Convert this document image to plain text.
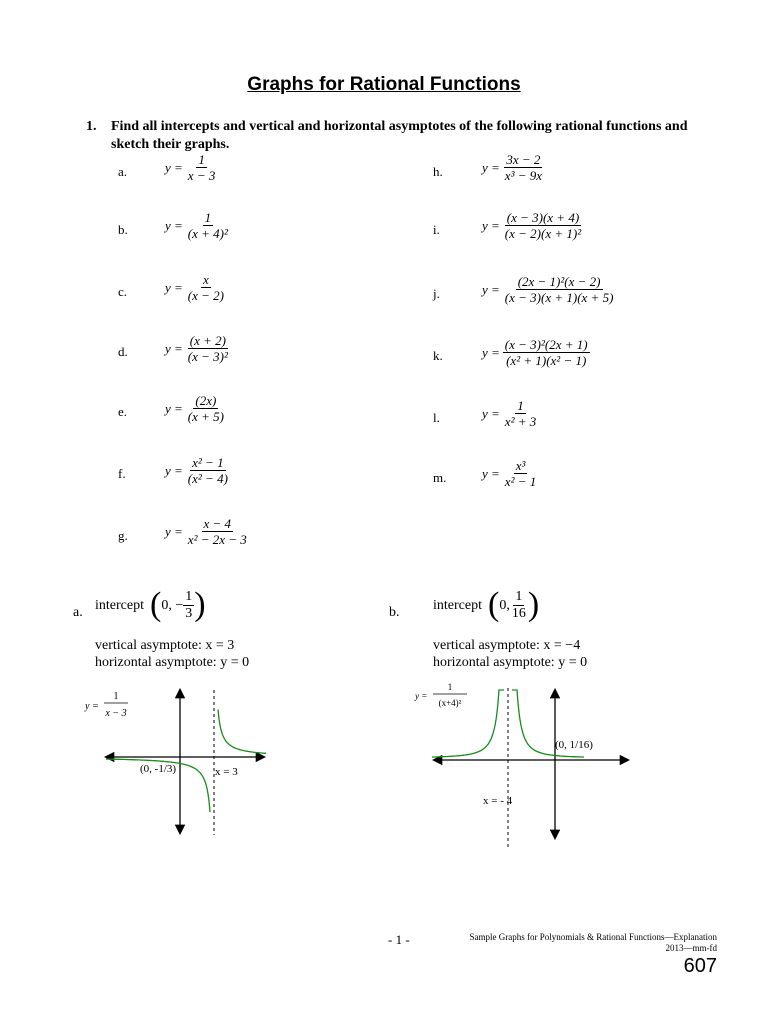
Graphs for Rational Functions
1.	Find all intercepts and vertical and horizontal asymptotes of the following rational functions and sketch their graphs.
a.	$y = \frac{1}{x - 3}$
b.	$y = \frac{1}{\text{(x + 4)²}}$
c.	$y = \frac{x}{(x - 2)}$
d.	$y = \frac{(x + 2)}{\text{(x − 3)²}}$
e.	$y = \frac{(2x)}{(x + 5)}$
f.	$y = \frac{\text{x² − 1}}{\text{(x² − 4)}}$
g.	$y = \frac{x - 4}{\text{x² − 2x − 3}}$
h.	$y = \frac{3x - 2}{\text{x³ − 9x}}$
i.	$y = \frac{(x - 3)(x + 4)}{\text{(x − 2)(x + 1)²}}$
j.	$y = \frac{\text{(2x − 1)²(x − 2)}}{(x - 3)(x + 1)(x + 5)}$
k.	$y = \frac{\text{(x − 3)²(2x + 1)}}{\text{(x² + 1)(x² − 1)}}$
l.	$y = \frac{1}{\text{x² + 3}}$
m.	$y = \frac{\text{x³}}{\text{x² − 1}}$
a. intercept ( 0, − $\frac{1}{3}$ )
vertical asymptote: x = 3
horizontal asymptote: y = 0
b. intercept ( 0,
1
16 )
vertical asymptote: x = −4
horizontal asymptote: y = 0
y =
1
x − 3
(0, -1/3)	x = 3
y =
1
(x+4)²
(0, 1/16)
x = - 4
- 1 -	Sample Graphs for Polynomials & Rational Functions—Explanation
2013—mm-fd
607
